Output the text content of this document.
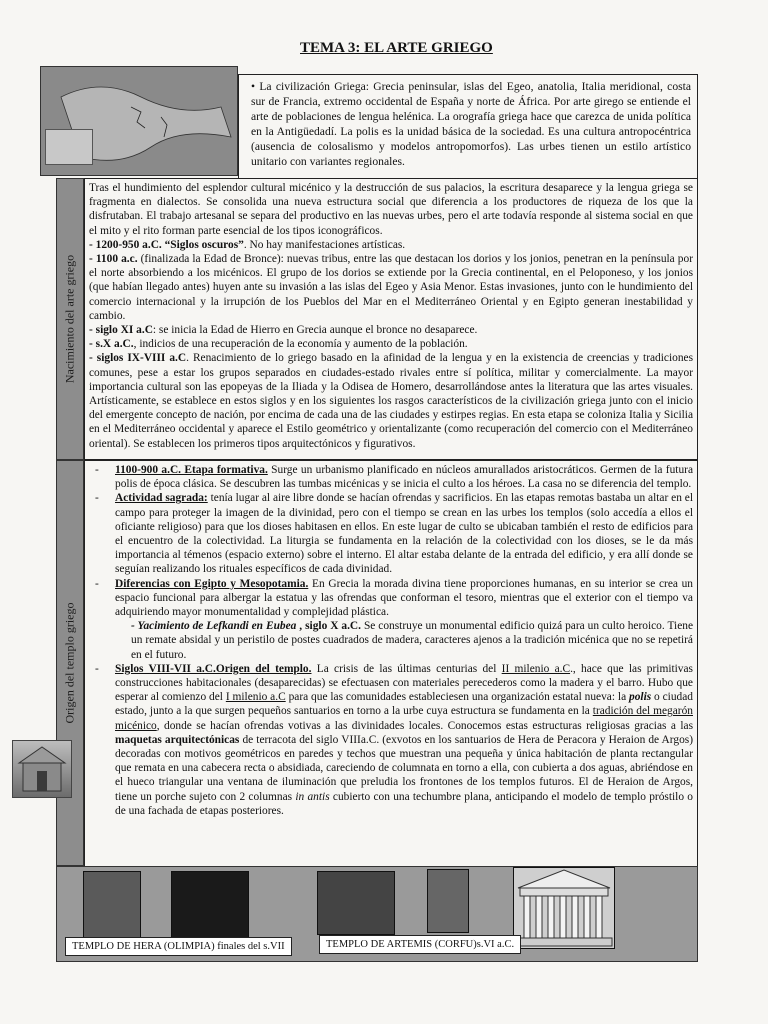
TEMA 3: EL ARTE GRIEGO
• La civilización Griega: Grecia peninsular, islas del Egeo, anatolia, Italia meridional, costa sur de Francia, extremo occidental de España y norte de África. Por arte girego se entiende el arte de poblaciones de lengua helénica. La orografía griega hace que carezca de unida política en la Antigüedadí. La polis es la unidad básica de la sociedad. Es una cultura antropocéntrica (ausencia de colosalismo y modelos antropomorfos). Las urbes tienen un estilo artístico unitario con variantes regionales.
Nacimiento del arte griego

Tras el hundimiento del esplendor cultural micénico y la destrucción de sus palacios, la escritura desaparece y la lengua griega se fragmenta en dialectos. Se consolida una nueva estructura social que diferencia a los productores de riqueza de los que la disfrutaban. El trabajo artesanal se separa del productivo en las nuevas urbes, pero el arte todavía responde al sistema social en que el mito y el rito forman parte esencial de los tipos iconográficos.

- 1200-950 a.C. “Siglos oscuros”. No hay manifestaciones artísticas.

- 1100 a.c. (finalizada la Edad de Bronce): nuevas tribus, entre las que destacan los dorios y los jonios, penetran en la península por el norte absorbiendo a los micénicos. El grupo de los dorios se extiende por la Grecia continental, en el Peloponeso, y los jonios (que habían llegado antes) huyen ante su invasión a las islas del Egeo y Asia Menor. Estas invasiones, junto con le hundimiento del comercio internacional y la irrupción de los Pueblos del Mar en el Mediterráneo Oriental y en Egipto generan inestabilidad y cambio.

- siglo XI a.C: se inicia la Edad de Hierro en Grecia aunque el bronce no desaparece.

- s.X a.C., indicios de una recuperación de la economía y aumento de la población.

- siglos IX-VIII a.C. Renacimiento de lo griego basado en la afinidad de la lengua y en la existencia de creencias y tradiciones comunes, pese a estar los grupos separados en ciudades-estado rivales entre sí política, militar y comercialmente. La mayor importancia cultural son las epopeyas de la Iliada y la Odisea de Homero, desarrollándose antes la literatura que las artes visuales. Artísticamente, se establece en estos siglos y en los siguientes los rasgos característicos de la civilización griega junto con el inicio del emergente concepto de nación, por encima de cada una de las ciudades y estirpes regias. En esta etapa se coloniza Italia y Sicilia en el Mediterráneo occidental y aparece el Estilo geométrico y orientalizante (como recuperación del comercio con el Mediterráneo oriental). Se establecen los primeros tipos arquitectónicos y figurativos.

Origen del templo griego

- 1100-900 a.C. Etapa formativa. Surge un urbanismo planificado en núcleos amurallados aristocráticos. Germen de la futura polis de época clásica. Se descubren las tumbas micénicas y se inicia el culto a los héroes. La casa no se diferencia del templo.

- Actividad sagrada: tenía lugar al aire libre donde se hacían ofrendas y sacrificios. En las etapas remotas bastaba un altar en el campo para proteger la imagen de la divinidad, pero con el tiempo se crean en las urbes los templos (solo accedía a ellos el oficiante religioso) para que los dioses habitasen en ellos. En este lugar de culto se ubicaban también el resto de edificios para el encuentro de la colectividad. La liturgia se fundamenta en la relación de la colectividad con los dioses, se le da más importancia al témenos (espacio externo) sobre el interno. El altar estaba delante de la entrada del edificio, y era allí donde se seguían realizando los rituales específicos de cada divinidad.

- Diferencias con Egipto y Mesopotamia. En Grecia la morada divina tiene proporciones humanas, en su interior se crea un espacio funcional para albergar la estatua y las ofrendas que conforman el tesoro, mientras que el exterior con el tiempo va adquiriendo mayor monumentalidad y complejidad plástica.

- Yacimiento de Lefkandi en Eubea , siglo X a.C. Se construye un monumental edificio quizá para un culto heroico. Tiene un remate absidal y un peristilo de postes cuadrados de madera, caracteres ajenos a la tradición micénica que no se repetirá en el futuro.

- Siglos VIII-VII a.C.Origen del templo. La crisis de las últimas centurias del II milenio a.C., hace que las primitivas construcciones habitacionales (desaparecidas) se efectuasen con materiales perecederos como la madera y el barro. Hubo que esperar al comienzo del I milenio a.C para que las comunidades estableciesen una organización estatal nueva: la polis o ciudad estado, junto a la que surgen pequeños santuarios en torno a la urbe cuya estructura se fundamenta en la tradición del megarón micénico, donde se hacían ofrendas votivas a las divinidades locales. Conocemos estas estructuras religiosas gracias a las maquetas arquitectónicas de terracota del siglo VIIIa.C. (exvotos en los santuarios de Hera de Peracora y Heraion de Argos) decoradas con motivos geométricos en paredes y techos que muestran una pequeña y única habitación de planta rectangular que remata en una cabecera recta o absidiada, careciendo de columnata en torno a ella, con cubierta a dos aguas, abriéndose en el hueco triangular una ventana de iluminación que preludia los frontones de los templos futuros. El de Heraion de Argos, tiene un porche sujeto con 2 columnas in antis cubierto con una techumbre plana, anticipando el modelo de templo próstilo o de una fachada de etapas posteriores.

TEMPLO DE HERA (OLIMPIA) finales del s.VII	TEMPLO DE ARTEMIS (CORFU)s.VI a.C.
